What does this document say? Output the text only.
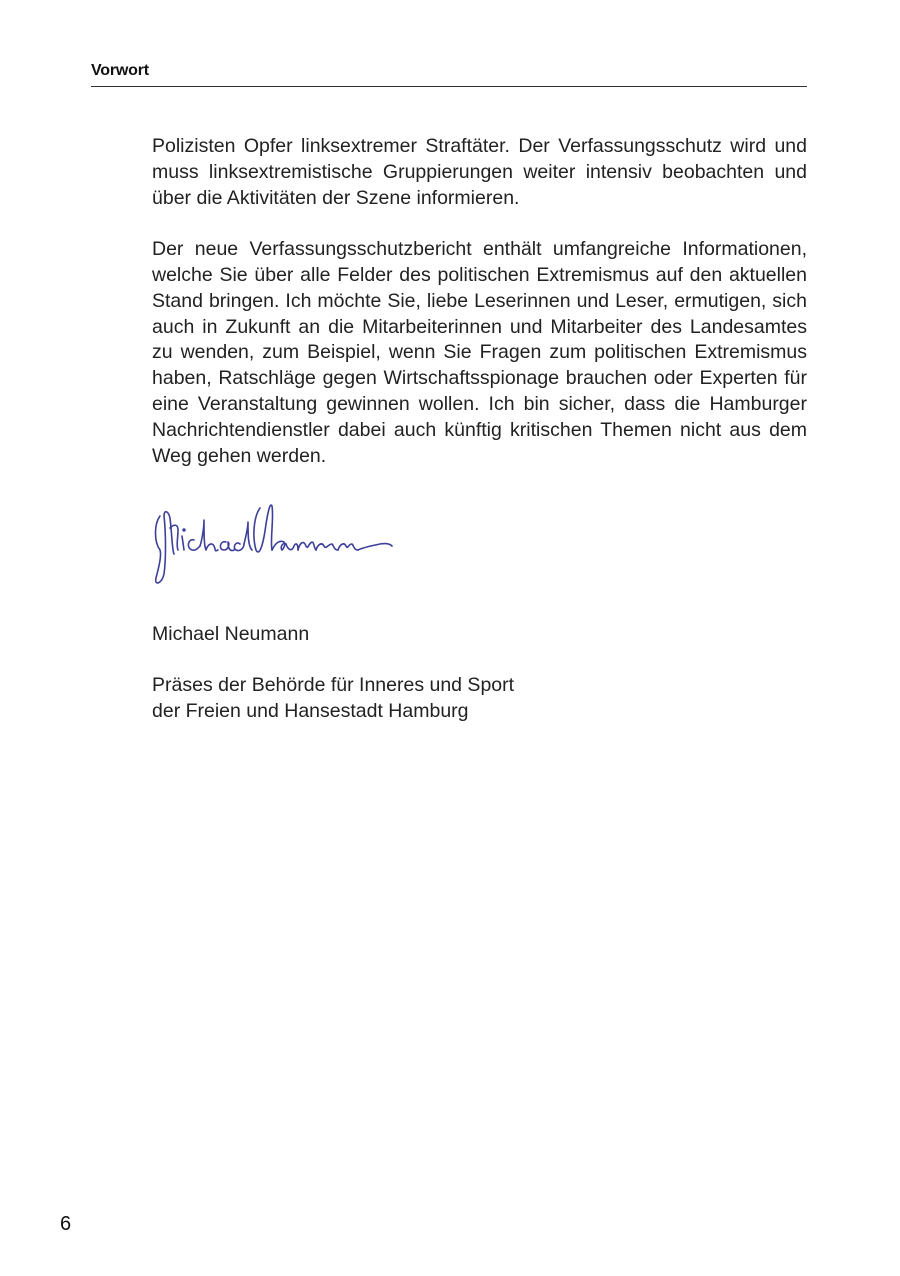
Vorwort

Polizisten Opfer linksextremer Straftäter. Der Verfassungsschutz wird und muss linksextremistische Gruppierungen weiter intensiv beobachten und über die Aktivitäten der Szene informieren.

Der neue Verfassungsschutzbericht enthält umfangreiche Informationen, welche Sie über alle Felder des politischen Extremismus auf den aktuellen Stand bringen. Ich möchte Sie, liebe Leserinnen und Leser, ermutigen, sich auch in Zukunft an die Mitarbeiterinnen und Mitarbeiter des Landesamtes zu wenden, zum Beispiel, wenn Sie Fragen zum politischen Extremismus haben, Ratschläge gegen Wirtschaftsspionage brauchen oder Experten für eine Veranstaltung gewinnen wollen. Ich bin sicher, dass die Hamburger Nachrichtendienstler dabei auch künftig kritischen Themen nicht aus dem Weg gehen werden.

Michael Neumann

Präses der Behörde für Inneres und Sport
der Freien und Hansestadt Hamburg
6
